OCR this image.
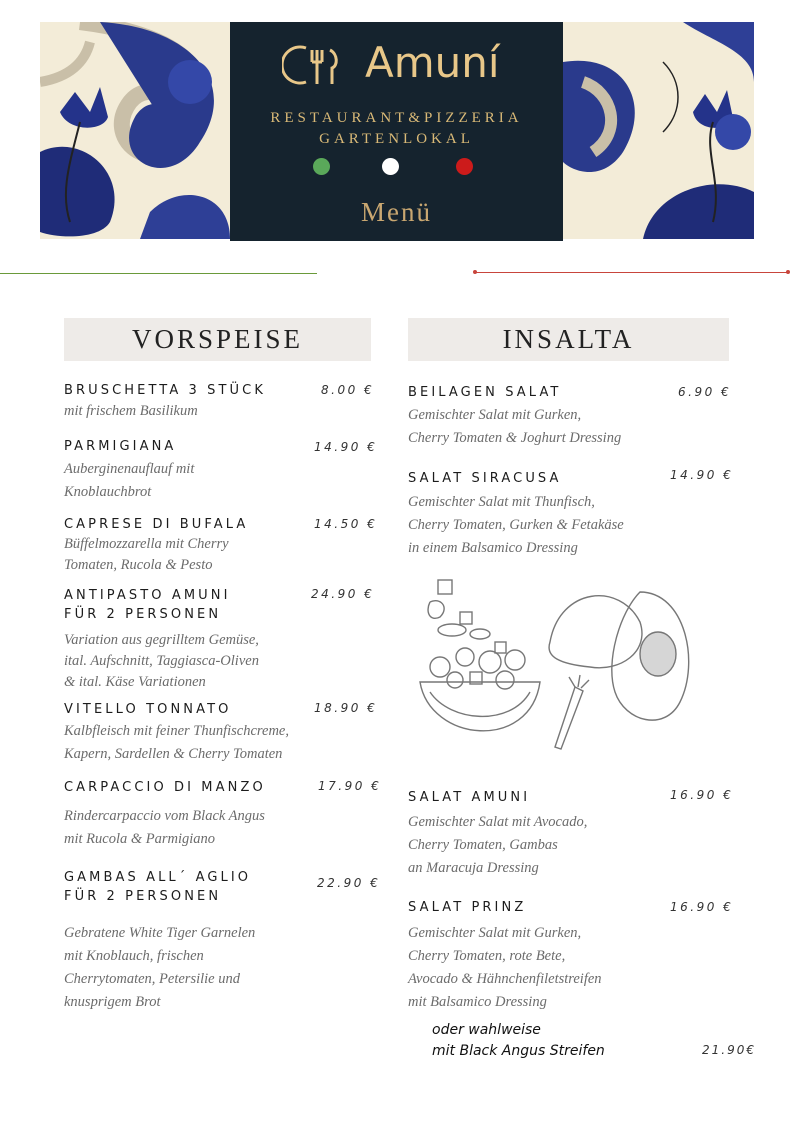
Amuní
RESTAURANT&PIZZERIA
GARTENLOKAL
Menü
VORSPEISE	INSALTA
BRUSCHETTA 3 STÜCK	8.00 €
mit frischem Basilikum
PARMIGIANA	14.90 €
Auberginenauflauf mit
Knoblauchbrot
CAPRESE DI BUFALA	14.50 €
Büffelmozzarella mit Cherry
Tomaten, Rucola & Pesto
ANTIPASTO AMUNI
FÜR 2 PERSONEN
24.90 €
Variation aus gegrilltem Gemüse,
ital. Aufschnitt, Taggiasca-Oliven
& ital. Käse Variationen
VITELLO TONNATO	18.90 €
Kalbfleisch mit feiner Thunfischcreme,
Kapern, Sardellen & Cherry Tomaten
CARPACCIO DI MANZO	17.90 €
Rindercarpaccio vom Black Angus
mit Rucola & Parmigiano
GAMBAS ALL´ AGLIO
FÜR 2 PERSONEN
22.90 €
Gebratene White Tiger Garnelen
mit Knoblauch, frischen
Cherrytomaten, Petersilie und
knusprigem Brot
BEILAGEN SALAT	6.90 €
Gemischter Salat mit Gurken,
Cherry Tomaten & Joghurt Dressing
SALAT SIRACUSA	14.90 €
Gemischter Salat mit Thunfisch,
Cherry Tomaten, Gurken & Fetakäse
in einem Balsamico Dressing
SALAT AMUNI	16.90 €
Gemischter Salat mit Avocado,
Cherry Tomaten, Gambas
an Maracuja Dressing
SALAT PRINZ	16.90 €
Gemischter Salat mit Gurken,
Cherry Tomaten, rote Bete,
Avocado & Hähnchenfiletstreifen
mit Balsamico Dressing
oder wahlweise
mit Black Angus Streifen	21.90€
